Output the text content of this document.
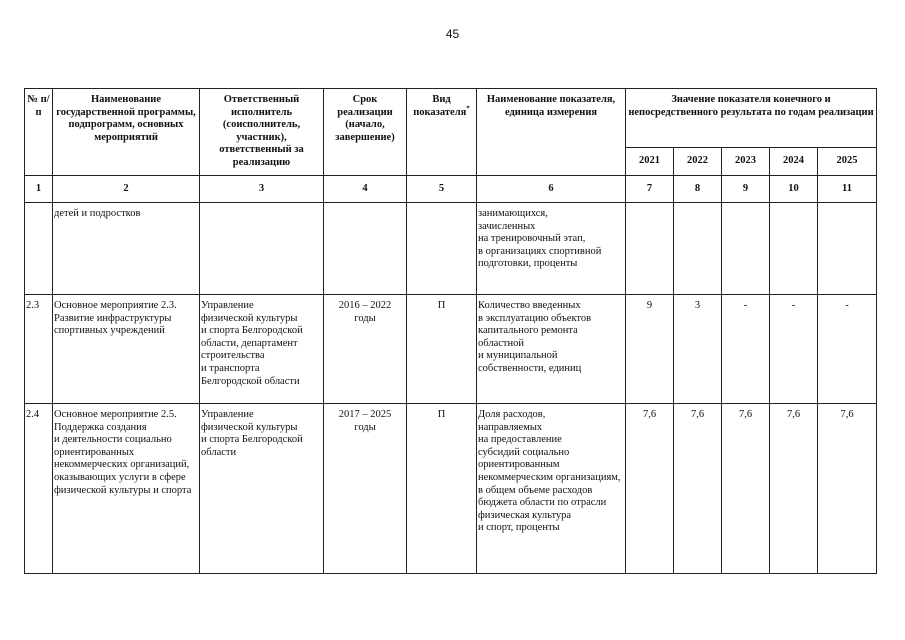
45
№ п/п	Наименование государственной программы, подпрограмм, основных мероприятий	Ответственный исполнитель (соисполнитель, участник), ответственный за реализацию	Срок реализации (начало, завершение)	Вид показателя*	Наименование показателя, единица измерения	Значение показателя конечного и непосредственного результата по годам реализации				
						2021	2022	2023	2024	2025
1	2	3	4	5	6	7	8	9	10	11
	детей и подростков				занимающихся,
зачисленных
на тренировочный этап,
в организациях спортивной подготовки, проценты					
2.3	Основное мероприятие 2.3. Развитие инфраструктуры спортивных учреждений	Управление
физической культуры
и спорта Белгородской области, департамент строительства
и транспорта
Белгородской области	2016 – 2022
годы	П	Количество введенных
в эксплуатацию объектов капитального ремонта областной
и муниципальной собственности, единиц	9	3	-	-	-
2.4	Основное мероприятие 2.5. Поддержка создания
и деятельности социально ориентированных некоммерческих организаций, оказывающих услуги в сфере физической культуры и спорта	Управление
физической культуры
и спорта Белгородской области	2017 – 2025
годы	П	Доля расходов,
направляемых
на предоставление
субсидий социально ориентированным некоммерческим организациям, в общем объеме расходов бюджета области по отрасли физическая культура
и спорт, проценты	7,6	7,6	7,6	7,6	7,6
